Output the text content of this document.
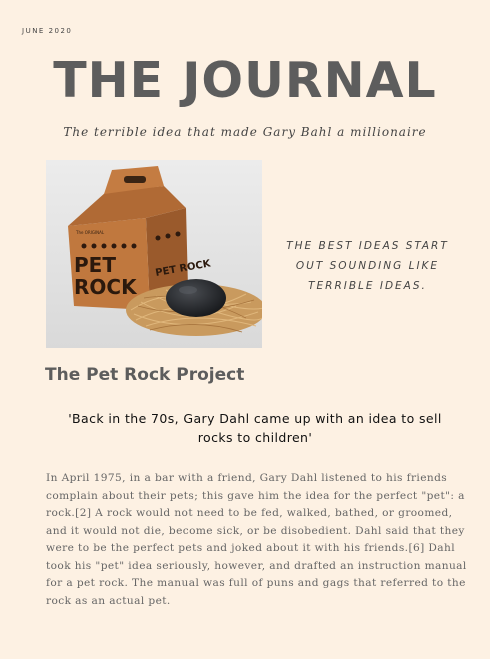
JUNE 2020
THE JOURNAL
The terrible idea that made Gary Bahl a millionaire
The ORIGINAL
PET
ROCK
PET ROCK
THE BEST IDEAS START OUT SOUNDING LIKE TERRIBLE IDEAS.
The Pet Rock Project
'Back in the 70s, Gary Dahl came up with an idea to sell rocks to children'
In April 1975, in a bar with a friend, Gary Dahl listened to his friends complain about their pets; this gave him the idea for the perfect "pet": a rock.[2] A rock would not need to be fed, walked, bathed, or groomed, and it would not die, become sick, or be disobedient. Dahl said that they were to be the perfect pets and joked about it with his friends.[6] Dahl took his "pet" idea seriously, however, and drafted an instruction manual for a pet rock. The manual was full of puns and gags that referred to the rock as an actual pet.
